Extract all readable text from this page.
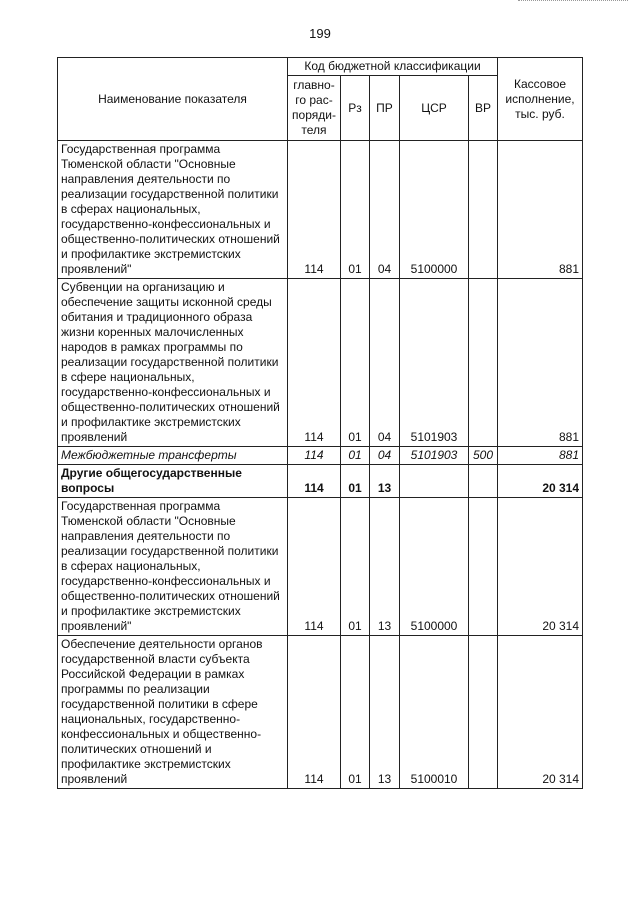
199
Наименование показателя	Код бюджетной классификации					Кассовое исполнение, тыс. руб.
	главно-го рас-поряди-теля	Рз	ПР	ЦСР	ВР	
Государственная программа Тюменской области "Основные направления деятельности по реализации государственной политики в сферах национальных, государственно-конфессиональных и общественно-политических отношений и профилактике экстремистских проявлений"	114	01	04	5100000		881
Субвенции на организацию и обеспечение защиты исконной среды обитания и традиционного образа жизни коренных малочисленных народов в рамках программы по реализации государственной политики в сфере национальных, государственно-конфессиональных и общественно-политических отношений и профилактике экстремистских проявлений	114	01	04	5101903		881
Межбюджетные трансферты	114	01	04	5101903	500	881
Другие общегосударственные вопросы	114	01	13			20 314
Государственная программа Тюменской области "Основные направления деятельности по реализации государственной политики в сферах национальных, государственно-конфессиональных и общественно-политических отношений и профилактике экстремистских проявлений"	114	01	13	5100000		20 314
Обеспечение деятельности органов государственной власти субъекта Российской Федерации в рамках программы по реализации государственной политики в сфере национальных, государственно-конфессиональных и общественно-политических отношений и профилактике экстремистских проявлений	114	01	13	5100010		20 314
